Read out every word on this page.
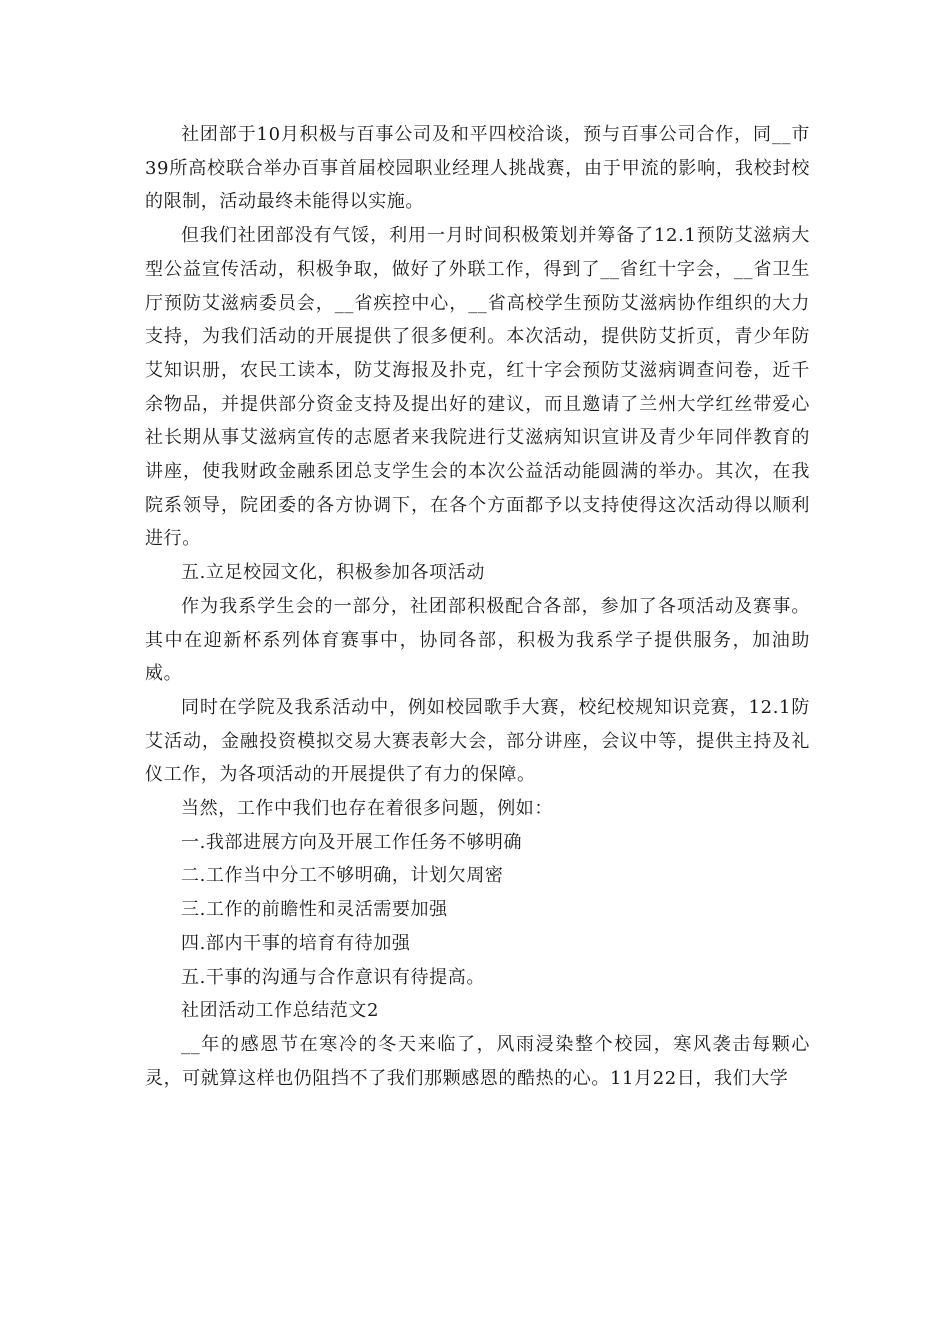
社团部于10月积极与百事公司及和平四校洽谈，预与百事公司合作，同__市39所高校联合举办百事首届校园职业经理人挑战赛，由于甲流的影响，我校封校的限制，活动最终未能得以实施。

但我们社团部没有气馁，利用一月时间积极策划并筹备了12.1预防艾滋病大型公益宣传活动，积极争取，做好了外联工作，得到了__省红十字会，__省卫生厅预防艾滋病委员会，__省疾控中心，__省高校学生预防艾滋病协作组织的大力支持，为我们活动的开展提供了很多便利。本次活动，提供防艾折页，青少年防艾知识册，农民工读本，防艾海报及扑克，红十字会预防艾滋病调查问卷，近千余物品，并提供部分资金支持及提出好的建议，而且邀请了兰州大学红丝带爱心社长期从事艾滋病宣传的志愿者来我院进行艾滋病知识宣讲及青少年同伴教育的讲座，使我财政金融系团总支学生会的本次公益活动能圆满的举办。其次，在我院系领导，院团委的各方协调下，在各个方面都予以支持使得这次活动得以顺利进行。

五.立足校园文化，积极参加各项活动

作为我系学生会的一部分，社团部积极配合各部，参加了各项活动及赛事。其中在迎新杯系列体育赛事中，协同各部，积极为我系学子提供服务，加油助威。

同时在学院及我系活动中，例如校园歌手大赛，校纪校规知识竞赛，12.1防艾活动，金融投资模拟交易大赛表彰大会，部分讲座，会议中等，提供主持及礼仪工作，为各项活动的开展提供了有力的保障。

当然，工作中我们也存在着很多问题，例如：

一.我部进展方向及开展工作任务不够明确

二.工作当中分工不够明确，计划欠周密

三.工作的前瞻性和灵活需要加强

四.部内干事的培育有待加强

五.干事的沟通与合作意识有待提高。

社团活动工作总结范文2

__年的感恩节在寒冷的冬天来临了，风雨浸染整个校园，寒风袭击每颗心灵，可就算这样也仍阻挡不了我们那颗感恩的酷热的心。11月22日，我们大学
